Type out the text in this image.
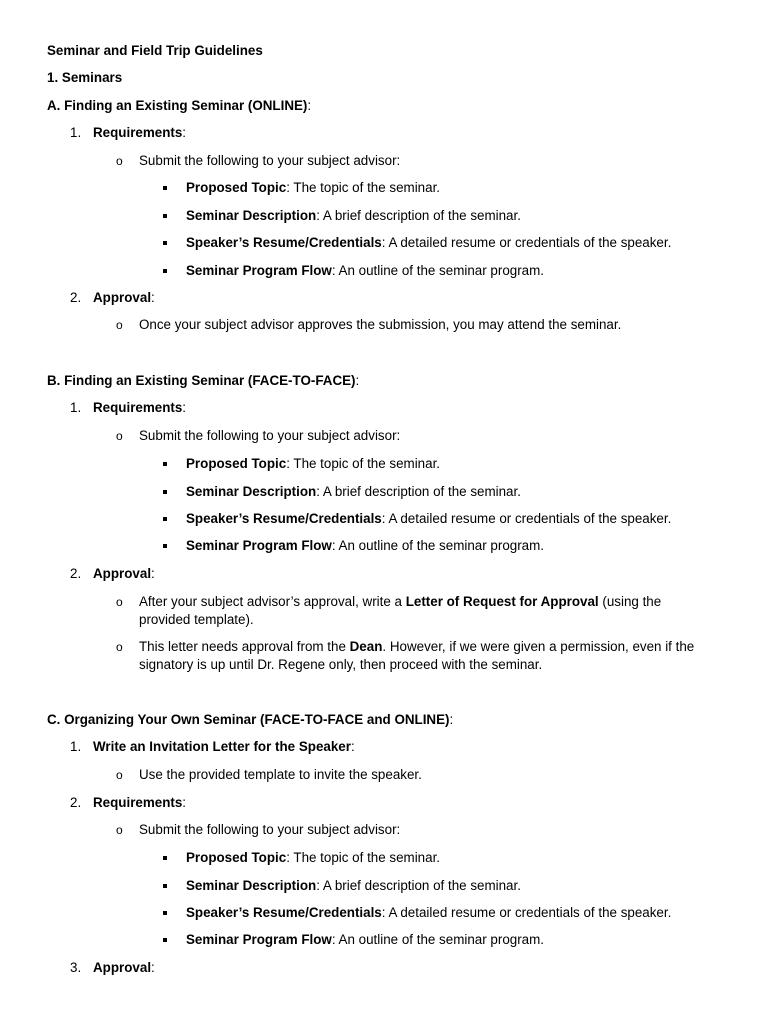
Seminar and Field Trip Guidelines
1. Seminars
A. Finding an Existing Seminar (ONLINE):
1. Requirements:
o Submit the following to your subject advisor:
Proposed Topic: The topic of the seminar.
Seminar Description: A brief description of the seminar.
Speaker’s Resume/Credentials: A detailed resume or credentials of the speaker.
Seminar Program Flow: An outline of the seminar program.
2. Approval:
o Once your subject advisor approves the submission, you may attend the seminar.
B. Finding an Existing Seminar (FACE-TO-FACE):
1. Requirements:
o Submit the following to your subject advisor:
Proposed Topic: The topic of the seminar.
Seminar Description: A brief description of the seminar.
Speaker’s Resume/Credentials: A detailed resume or credentials of the speaker.
Seminar Program Flow: An outline of the seminar program.
2. Approval:
o After your subject advisor’s approval, write a Letter of Request for Approval (using the provided template).
o This letter needs approval from the Dean. However, if we were given a permission, even if the signatory is up until Dr. Regene only, then proceed with the seminar.
C. Organizing Your Own Seminar (FACE-TO-FACE and ONLINE):
1. Write an Invitation Letter for the Speaker:
o Use the provided template to invite the speaker.
2. Requirements:
o Submit the following to your subject advisor:
Proposed Topic: The topic of the seminar.
Seminar Description: A brief description of the seminar.
Speaker’s Resume/Credentials: A detailed resume or credentials of the speaker.
Seminar Program Flow: An outline of the seminar program.
3. Approval:
